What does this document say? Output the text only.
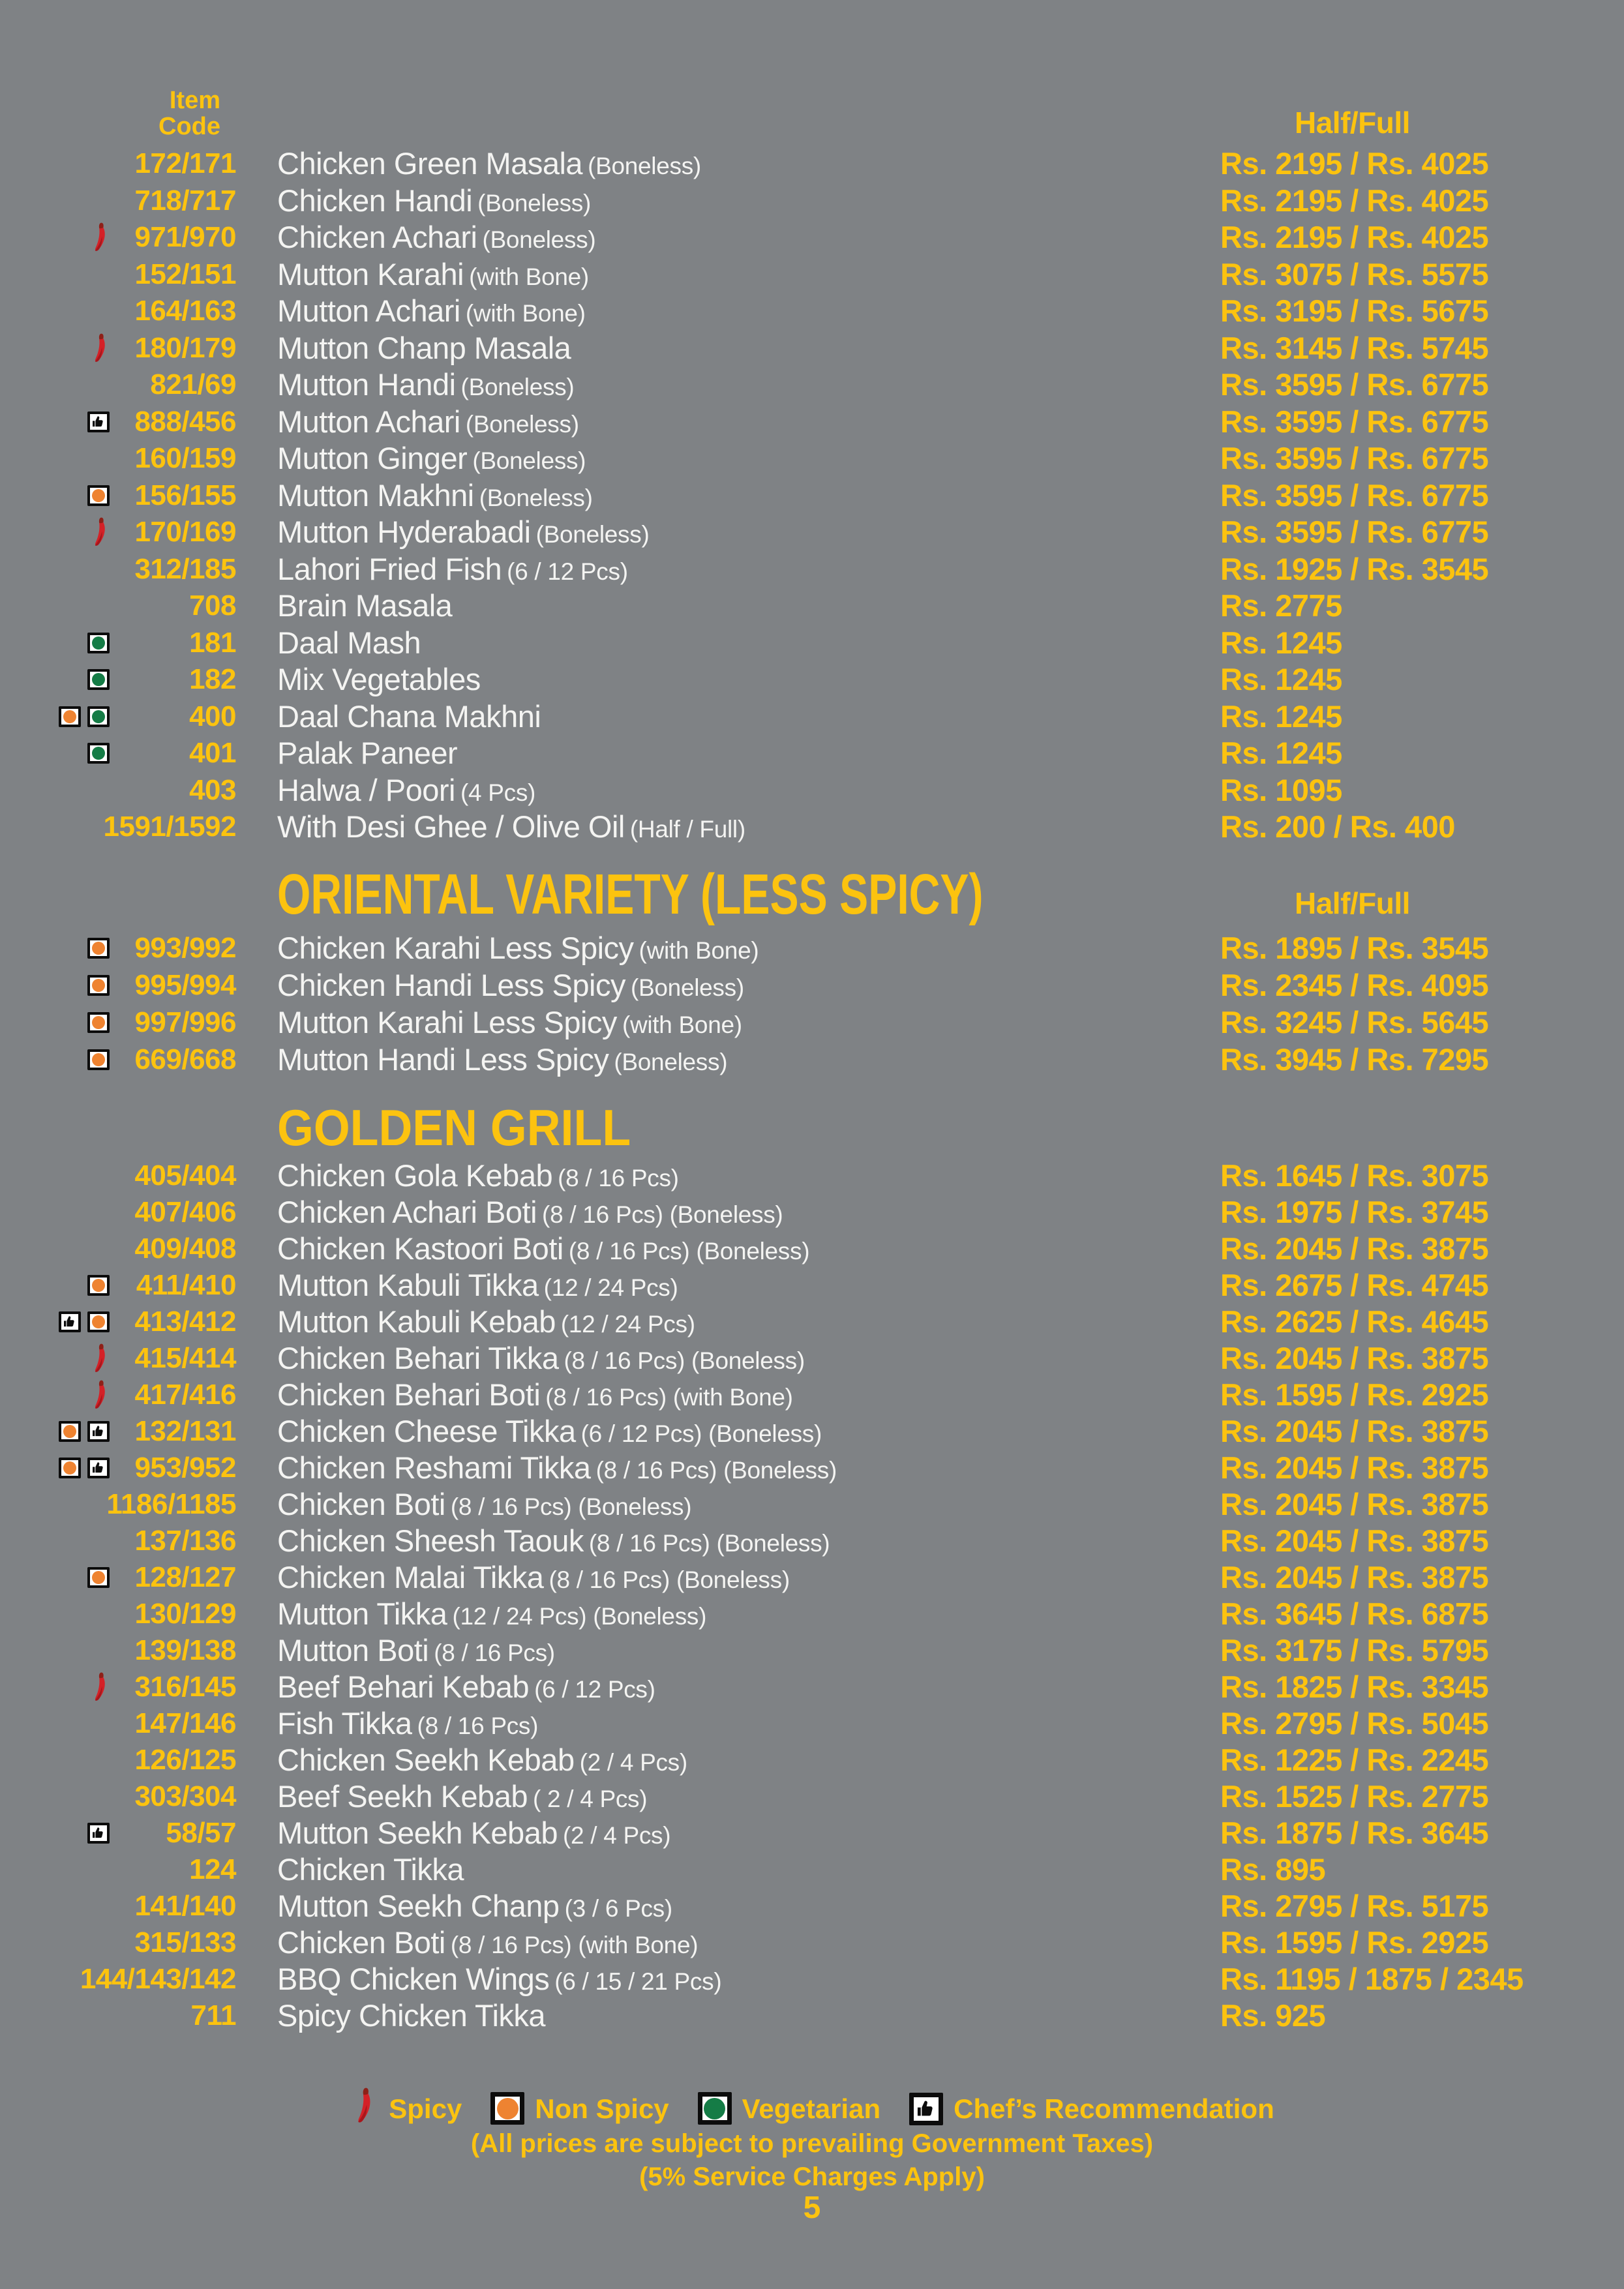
Item
Code	Half/Full
172/171 Chicken Green Masala (Boneless)	Rs. 2195 / Rs. 4025
718/717 Chicken Handi (Boneless)	Rs. 2195 / Rs. 4025
971/970 Chicken Achari (Boneless)	Rs. 2195 / Rs. 4025
152/151 Mutton Karahi (with Bone)	Rs. 3075 / Rs. 5575
164/163 Mutton Achari (with Bone)	Rs. 3195 / Rs. 5675
180/179 Mutton Chanp Masala	Rs. 3145 / Rs. 5745
821/69 Mutton Handi (Boneless)	Rs. 3595 / Rs. 6775
888/456 Mutton Achari (Boneless)	Rs. 3595 / Rs. 6775
160/159 Mutton Ginger (Boneless)	Rs. 3595 / Rs. 6775
156/155 Mutton Makhni (Boneless)	Rs. 3595 / Rs. 6775
170/169 Mutton Hyderabadi (Boneless)	Rs. 3595 / Rs. 6775
312/185 Lahori Fried Fish (6 / 12 Pcs)	Rs. 1925 / Rs. 3545
708 Brain Masala	Rs. 2775
181 Daal Mash	Rs. 1245
182 Mix Vegetables	Rs. 1245
400 Daal Chana Makhni	Rs. 1245
401 Palak Paneer	Rs. 1245
403 Halwa / Poori (4 Pcs)	Rs. 1095
1591/1592 With Desi Ghee / Olive Oil (Half / Full)	Rs. 200 / Rs. 400
ORIENTAL VARIETY (LESS SPICY)	Half/Full
993/992 Chicken Karahi Less Spicy (with Bone)	Rs. 1895 / Rs. 3545
995/994 Chicken Handi Less Spicy (Boneless)	Rs. 2345 / Rs. 4095
997/996 Mutton Karahi Less Spicy (with Bone)	Rs. 3245 / Rs. 5645
669/668 Mutton Handi Less Spicy (Boneless)	Rs. 3945 / Rs. 7295
GOLDEN GRILL
405/404 Chicken Gola Kebab (8 / 16 Pcs)	Rs. 1645 / Rs. 3075
407/406 Chicken Achari Boti (8 / 16 Pcs) (Boneless)	Rs. 1975 / Rs. 3745
409/408 Chicken Kastoori Boti (8 / 16 Pcs) (Boneless)	Rs. 2045 / Rs. 3875
411/410 Mutton Kabuli Tikka (12 / 24 Pcs)	Rs. 2675 / Rs. 4745
413/412 Mutton Kabuli Kebab (12 / 24 Pcs)	Rs. 2625 / Rs. 4645
415/414 Chicken Behari Tikka (8 / 16 Pcs) (Boneless)	Rs. 2045 / Rs. 3875
417/416 Chicken Behari Boti (8 / 16 Pcs) (with Bone)	Rs. 1595 / Rs. 2925
132/131 Chicken Cheese Tikka (6 / 12 Pcs) (Boneless)	Rs. 2045 / Rs. 3875
953/952 Chicken Reshami Tikka (8 / 16 Pcs) (Boneless)	Rs. 2045 / Rs. 3875
1186/1185 Chicken Boti (8 / 16 Pcs) (Boneless)	Rs. 2045 / Rs. 3875
137/136 Chicken Sheesh Taouk (8 / 16 Pcs) (Boneless)	Rs. 2045 / Rs. 3875
128/127 Chicken Malai Tikka (8 / 16 Pcs) (Boneless)	Rs. 2045 / Rs. 3875
130/129 Mutton Tikka (12 / 24 Pcs) (Boneless)	Rs. 3645 / Rs. 6875
139/138 Mutton Boti (8 / 16 Pcs)	Rs. 3175 / Rs. 5795
316/145 Beef Behari Kebab (6 / 12 Pcs)	Rs. 1825 / Rs. 3345
147/146 Fish Tikka (8 / 16 Pcs)	Rs. 2795 / Rs. 5045
126/125 Chicken Seekh Kebab (2 / 4 Pcs)	Rs. 1225 / Rs. 2245
303/304 Beef Seekh Kebab ( 2 / 4 Pcs)	Rs. 1525 / Rs. 2775
58/57 Mutton Seekh Kebab (2 / 4 Pcs)	Rs. 1875 / Rs. 3645
124 Chicken Tikka	Rs. 895
141/140 Mutton Seekh Chanp (3 / 6 Pcs)	Rs. 2795 / Rs. 5175
315/133 Chicken Boti (8 / 16 Pcs) (with Bone)	Rs. 1595 / Rs. 2925
144/143/142 BBQ Chicken Wings (6 / 15 / 21 Pcs)	Rs. 1195 / 1875 / 2345
711 Spicy Chicken Tikka	Rs. 925
Spicy	Non Spicy	Vegetarian	Chef’s Recommendation
(All prices are subject to prevailing Government Taxes)
(5% Service Charges Apply)
5
